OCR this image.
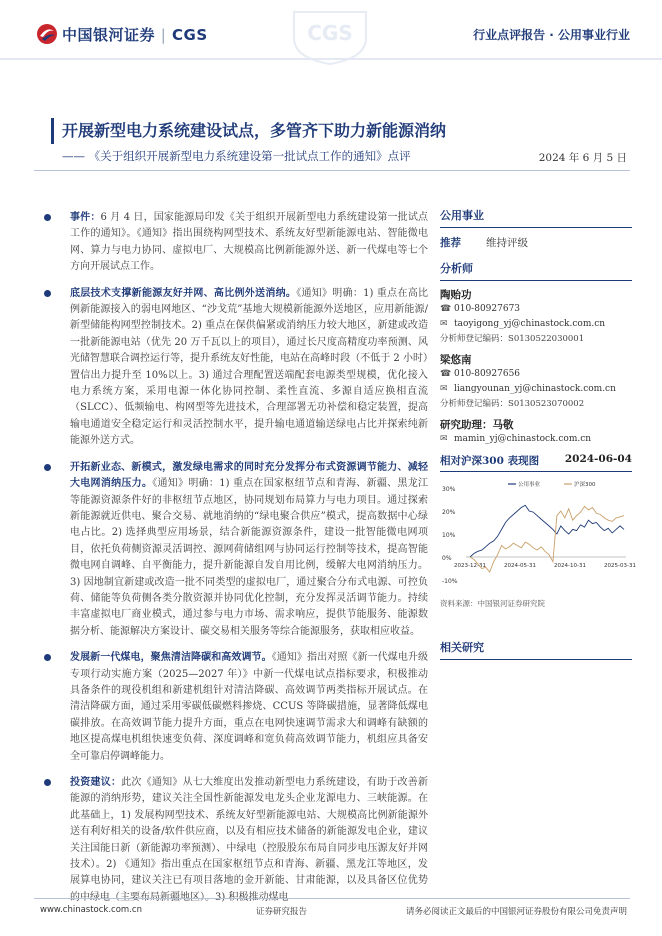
中国银河证券 | CGS	CGS	行业点评报告 · 公用事业行业
开展新型电力系统建设试点，多管齐下助力新能源消纳
—— 《关于组织开展新型电力系统建设第一批试点工作的通知》点评	2024 年 6 月 5 日
事件：6 月 4 日，国家能源局印发《关于组织开展新型电力系统建设第一批试点工作的通知》。《通知》指出围绕构网型技术、系统友好型新能源电站、智能微电网、算力与电力协同、虚拟电厂、大规模高比例新能源外送、新一代煤电等七个方向开展试点工作。
底层技术支撑新能源友好并网、高比例外送消纳。《通知》明确：1) 重点在高比例新能源接入的弱电网地区、“沙戈荒”基地大规模新能源外送地区，应用新能源/新型储能构网型控制技术。2) 重点在保供偏紧或消纳压力较大地区，新建或改造一批新能源电站（优先 20 万千瓦以上的项目），通过长尺度高精度功率预测、风光储智慧联合调控运行等，提升系统友好性能，电站在高峰时段（不低于 2 小时）置信出力提升至 10%以上。3) 通过合理配置送端配套电源类型规模，优化接入电力系统方案，采用电源一体化协同控制、柔性直流、多源自适应换相直流（SLCC）、低频输电、构网型等先进技术，合理部署无功补偿和稳定装置，提高输电通道安全稳定运行和灵活控制水平，提升输电通道输送绿电占比并探索纯新能源外送方式。
开拓新业态、新模式，激发绿电需求的同时充分发挥分布式资源调节能力、减轻大电网消纳压力。《通知》明确：1) 重点在国家枢纽节点和青海、新疆、黑龙江等能源资源条件好的非枢纽节点地区，协同规划布局算力与电力项目。通过探索新能源就近供电、聚合交易、就地消纳的“绿电聚合供应”模式，提高数据中心绿电占比。2) 选择典型应用场景，结合新能源资源条件，建设一批智能微电网项目，依托负荷侧资源灵活调控、源网荷储组网与协同运行控制等技术，提高智能微电网自调峰、自平衡能力，提升新能源自发自用比例，缓解大电网消纳压力。3) 因地制宜新建或改造一批不同类型的虚拟电厂，通过聚合分布式电源、可控负荷、储能等负荷侧各类分散资源并协同优化控制，充分发挥灵活调节能力。持续丰富虚拟电厂商业模式，通过参与电力市场、需求响应，提供节能服务、能源数据分析、能源解决方案设计、碳交易相关服务等综合能源服务，获取相应收益。
发展新一代煤电，聚焦清洁降碳和高效调节。《通知》指出对照《新一代煤电升级专项行动实施方案（2025—2027 年）》中新一代煤电试点指标要求，积极推动具备条件的现役机组和新建机组针对清洁降碳、高效调节两类指标开展试点。在清洁降碳方面，通过采用零碳低碳燃料掺烧、CCUS 等降碳措施，显著降低煤电碳排放。在高效调节能力提升方面，重点在电网快速调节需求大和调峰有缺额的地区提高煤电机组快速变负荷、深度调峰和宽负荷高效调节能力，机组应具备安全可靠启停调峰能力。
投资建议：此次《通知》从七大维度出发推动新型电力系统建设，有助于改善新能源的消纳形势，建议关注全国性新能源发电龙头企业龙源电力、三峡能源。在此基础上，1) 发展构网型技术、系统友好型新能源电站、大规模高比例新能源外送有利好相关的设备/软件供应商，以及有相应技术储备的新能源发电企业，建议关注国能日新（新能源功率预测）、中绿电（控股股东布局自同步电压源友好并网技术）。2) 《通知》指出重点在国家枢纽节点和青海、新疆、黑龙江等地区，发展算电协同，建议关注已有项目落地的金开新能、甘肃能源，以及具备区位优势
公用事业
推荐	维持评级
分析师
陶贻功
☎ 010-80927673
✉ taoyigong_yj@chinastock.com.cn
分析师登记编码：S0130522030001
梁悠南
☎ 010-80927656
✉ liangyounan_yj@chinastock.com.cn
分析师登记编码：S0130523070002
研究助理：马敬
✉ mamin_yj@chinastock.com.cn
相对沪深300 表现图 2024-06-04
30%
20%
10%
0%
-10%
2023-12-31	2024-05-31	2024-10-31	2025-03-31
公用事业	沪深300
资料来源：中国银河证券研究院
相关研究
www.chinastock.com.cn	证券研究报告	请务必阅读正文最后的中国银河证券股份有限公司免责声明
